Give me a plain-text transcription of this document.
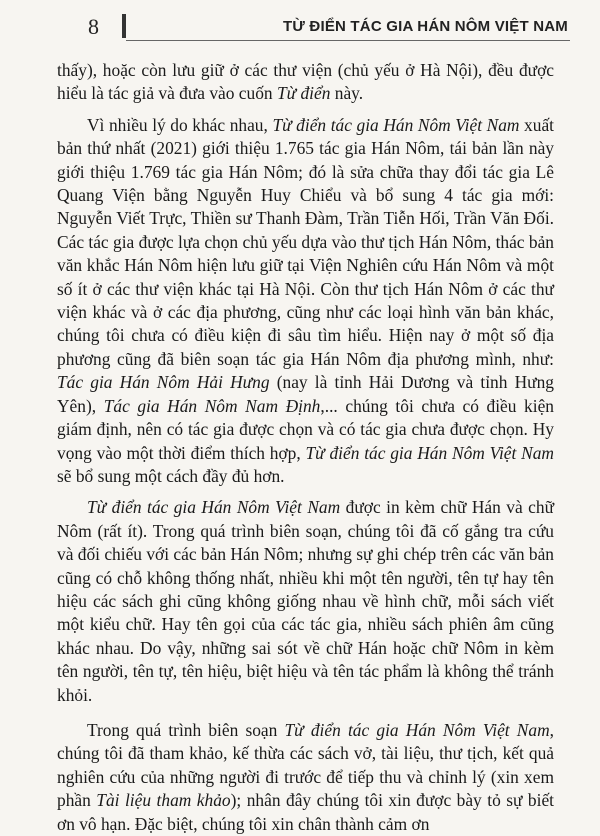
8	TỪ ĐIỂN TÁC GIA HÁN NÔM VIỆT NAM

thấy), hoặc còn lưu giữ ở các thư viện (chủ yếu ở Hà Nội), đều được hiểu là tác giả và đưa vào cuốn Từ điển này.

Vì nhiều lý do khác nhau, Từ điển tác gia Hán Nôm Việt Nam xuất bản thứ nhất (2021) giới thiệu 1.765 tác gia Hán Nôm, tái bản lần này giới thiệu 1.769 tác gia Hán Nôm; đó là sửa chữa thay đổi tác gia Lê Quang Viện bằng Nguyễn Huy Chiểu và bổ sung 4 tác gia mới: Nguyễn Viết Trực, Thiền sư Thanh Đàm, Trần Tiễn Hối, Trần Văn Đối. Các tác gia được lựa chọn chủ yếu dựa vào thư tịch Hán Nôm, thác bản văn khắc Hán Nôm hiện lưu giữ tại Viện Nghiên cứu Hán Nôm và một số ít ở các thư viện khác tại Hà Nội. Còn thư tịch Hán Nôm ở các thư viện khác và ở các địa phương, cũng như các loại hình văn bản khác, chúng tôi chưa có điều kiện đi sâu tìm hiểu. Hiện nay ở một số địa phương cũng đã biên soạn tác gia Hán Nôm địa phương mình, như: Tác gia Hán Nôm Hải Hưng (nay là tỉnh Hải Dương và tỉnh Hưng Yên), Tác gia Hán Nôm Nam Định,... chúng tôi chưa có điều kiện giám định, nên có tác gia được chọn và có tác gia chưa được chọn. Hy vọng vào một thời điểm thích hợp, Từ điển tác gia Hán Nôm Việt Nam sẽ bổ sung một cách đầy đủ hơn.

Từ điển tác gia Hán Nôm Việt Nam được in kèm chữ Hán và chữ Nôm (rất ít). Trong quá trình biên soạn, chúng tôi đã cố gắng tra cứu và đối chiếu với các bản Hán Nôm; nhưng sự ghi chép trên các văn bản cũng có chỗ không thống nhất, nhiều khi một tên người, tên tự hay tên hiệu các sách ghi cũng không giống nhau về hình chữ, mỗi sách viết một kiểu chữ. Hay tên gọi của các tác gia, nhiều sách phiên âm cũng khác nhau. Do vậy, những sai sót về chữ Hán hoặc chữ Nôm in kèm tên người, tên tự, tên hiệu, biệt hiệu và tên tác phẩm là không thể tránh khỏi.

Trong quá trình biên soạn Từ điển tác gia Hán Nôm Việt Nam, chúng tôi đã tham khảo, kế thừa các sách vở, tài liệu, thư tịch, kết quả nghiên cứu của những người đi trước để tiếp thu và chỉnh lý (xin xem phần Tài liệu tham khảo); nhân đây chúng tôi xin được bày tỏ sự biết ơn vô hạn. Đặc biệt, chúng tôi xin chân thành cảm ơn
